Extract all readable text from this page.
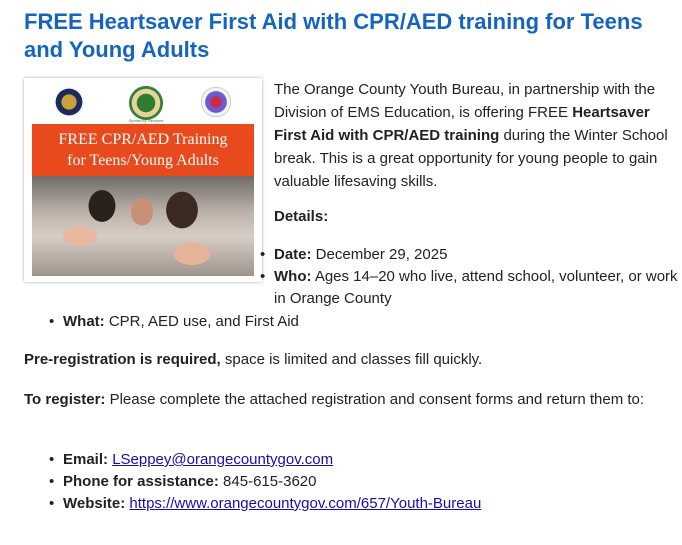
FREE Heartsaver First Aid with CPR/AED training for Teens and Young Adults
Stories for Services
FREE CPR/AED Training
for Teens/Young Adults

The Orange County Youth Bureau, in partnership with the Division of EMS Education, is offering FREE Heartsaver First Aid with CPR/AED training during the Winter School break. This is a great opportunity for young people to gain valuable lifesaving skills.

Details:

• Date: December 29, 2025
• Who: Ages 14–20 who live, attend school, volunteer, or work in Orange County
• What: CPR, AED use, and First Aid

Pre-registration is required, space is limited and classes fill quickly.

To register: Please complete the attached registration and consent forms and return them to:

• Email: LSeppey@orangecountygov.com
• Phone for assistance: 845-615-3620
• Website: https://www.orangecountygov.com/657/Youth-Bureau
